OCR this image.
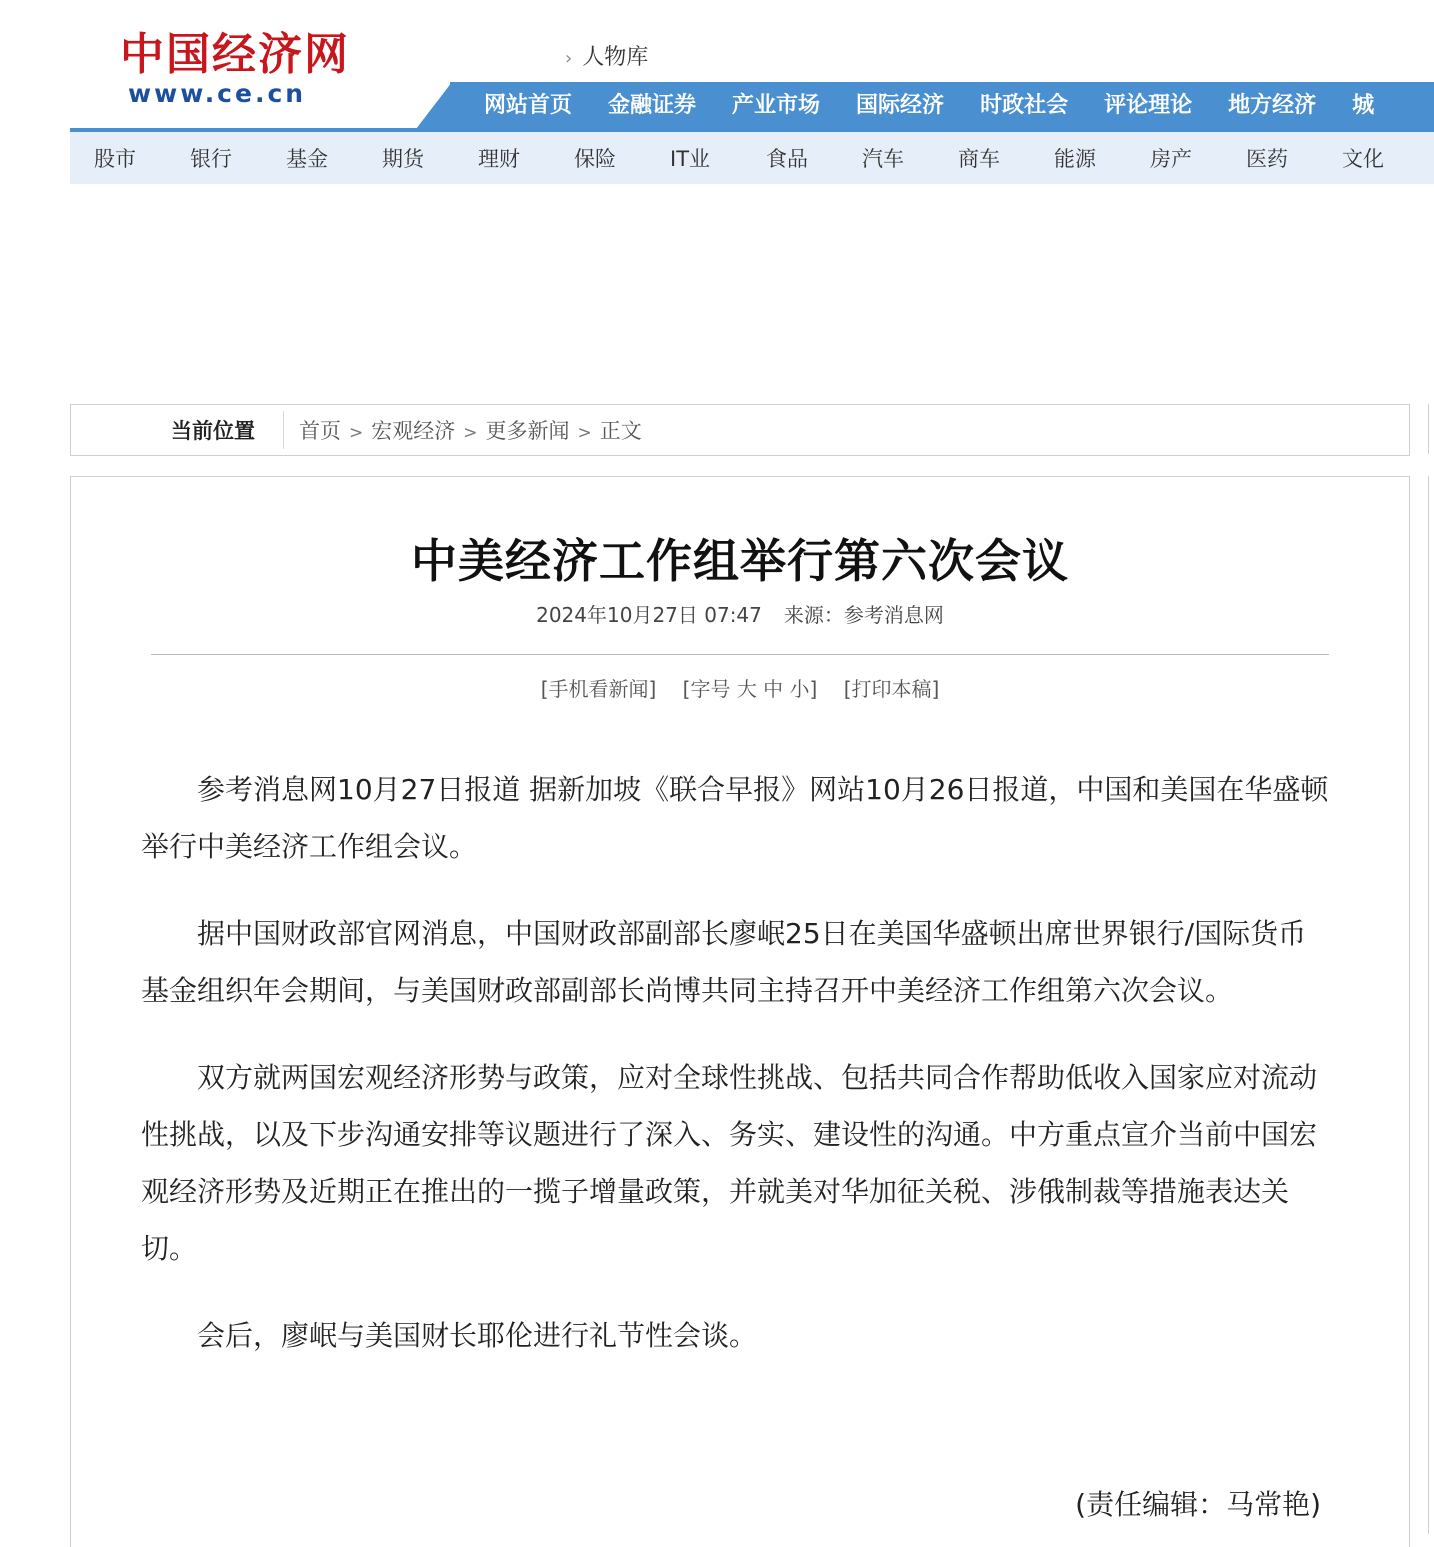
中国经济网
www.ce.cn
› 人物库
网站首页 金融证券 产业市场 国际经济 时政社会 评论理论 地方经济 城
股市	银行	基金	期货	理财	保险	IT业	食品	汽车	商车	能源	房产	医药	文化
当前位置 首页 > 宏观经济 > 更多新闻 > 正文
中美经济工作组举行第六次会议
2024年10月27日 07:47 来源：参考消息网
[手机看新闻] [字号 大 中 小] [打印本稿]

参考消息网10月27日报道 据新加坡《联合早报》网站10月26日报道，中国和美国在华盛顿举行中美经济工作组会议。

据中国财政部官网消息，中国财政部副部长廖岷25日在美国华盛顿出席世界银行/国际货币基金组织年会期间，与美国财政部副部长尚博共同主持召开中美经济工作组第六次会议。

双方就两国宏观经济形势与政策，应对全球性挑战、包括共同合作帮助低收入国家应对流动性挑战，以及下步沟通安排等议题进行了深入、务实、建设性的沟通。中方重点宣介当前中国宏观经济形势及近期正在推出的一揽子增量政策，并就美对华加征关税、涉俄制裁等措施表达关切。

会后，廖岷与美国财长耶伦进行礼节性会谈。

(责任编辑：马常艳)
